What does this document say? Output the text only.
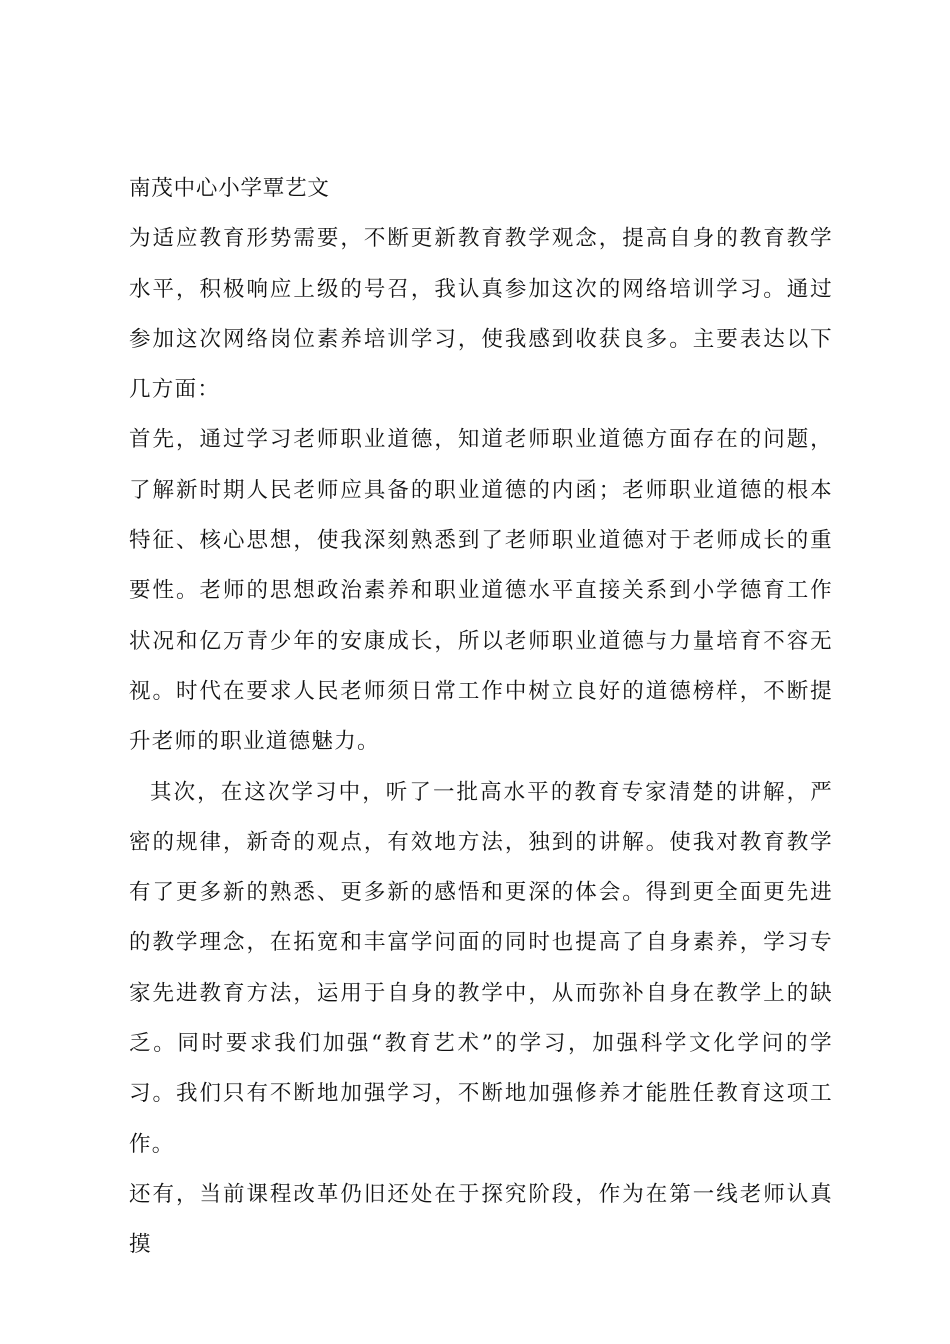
南茂中心小学覃艺文

为适应教育形势需要，不断更新教育教学观念，提高自身的教育教学水平，积极响应上级的号召，我认真参加这次的网络培训学习。通过参加这次网络岗位素养培训学习，使我感到收获良多。主要表达以下几方面：

首先，通过学习老师职业道德，知道老师职业道德方面存在的问题，了解新时期人民老师应具备的职业道德的内函；老师职业道德的根本特征、核心思想，使我深刻熟悉到了老师职业道德对于老师成长的重要性。老师的思想政治素养和职业道德水平直接关系到小学德育工作状况和亿万青少年的安康成长，所以老师职业道德与力量培育不容无视。时代在要求人民老师须日常工作中树立良好的道德榜样，不断提升老师的职业道德魅力。

其次，在这次学习中，听了一批高水平的教育专家清楚的讲解，严密的规律，新奇的观点，有效地方法，独到的讲解。使我对教育教学有了更多新的熟悉、更多新的感悟和更深的体会。得到更全面更先进的教学理念，在拓宽和丰富学问面的同时也提高了自身素养，学习专家先进教育方法，运用于自身的教学中，从而弥补自身在教学上的缺乏。同时要求我们加强“教育艺术”的学习，加强科学文化学问的学习。我们只有不断地加强学习，不断地加强修养才能胜任教育这项工作。

还有，当前课程改革仍旧还处在于探究阶段，作为在第一线老师认真摸
